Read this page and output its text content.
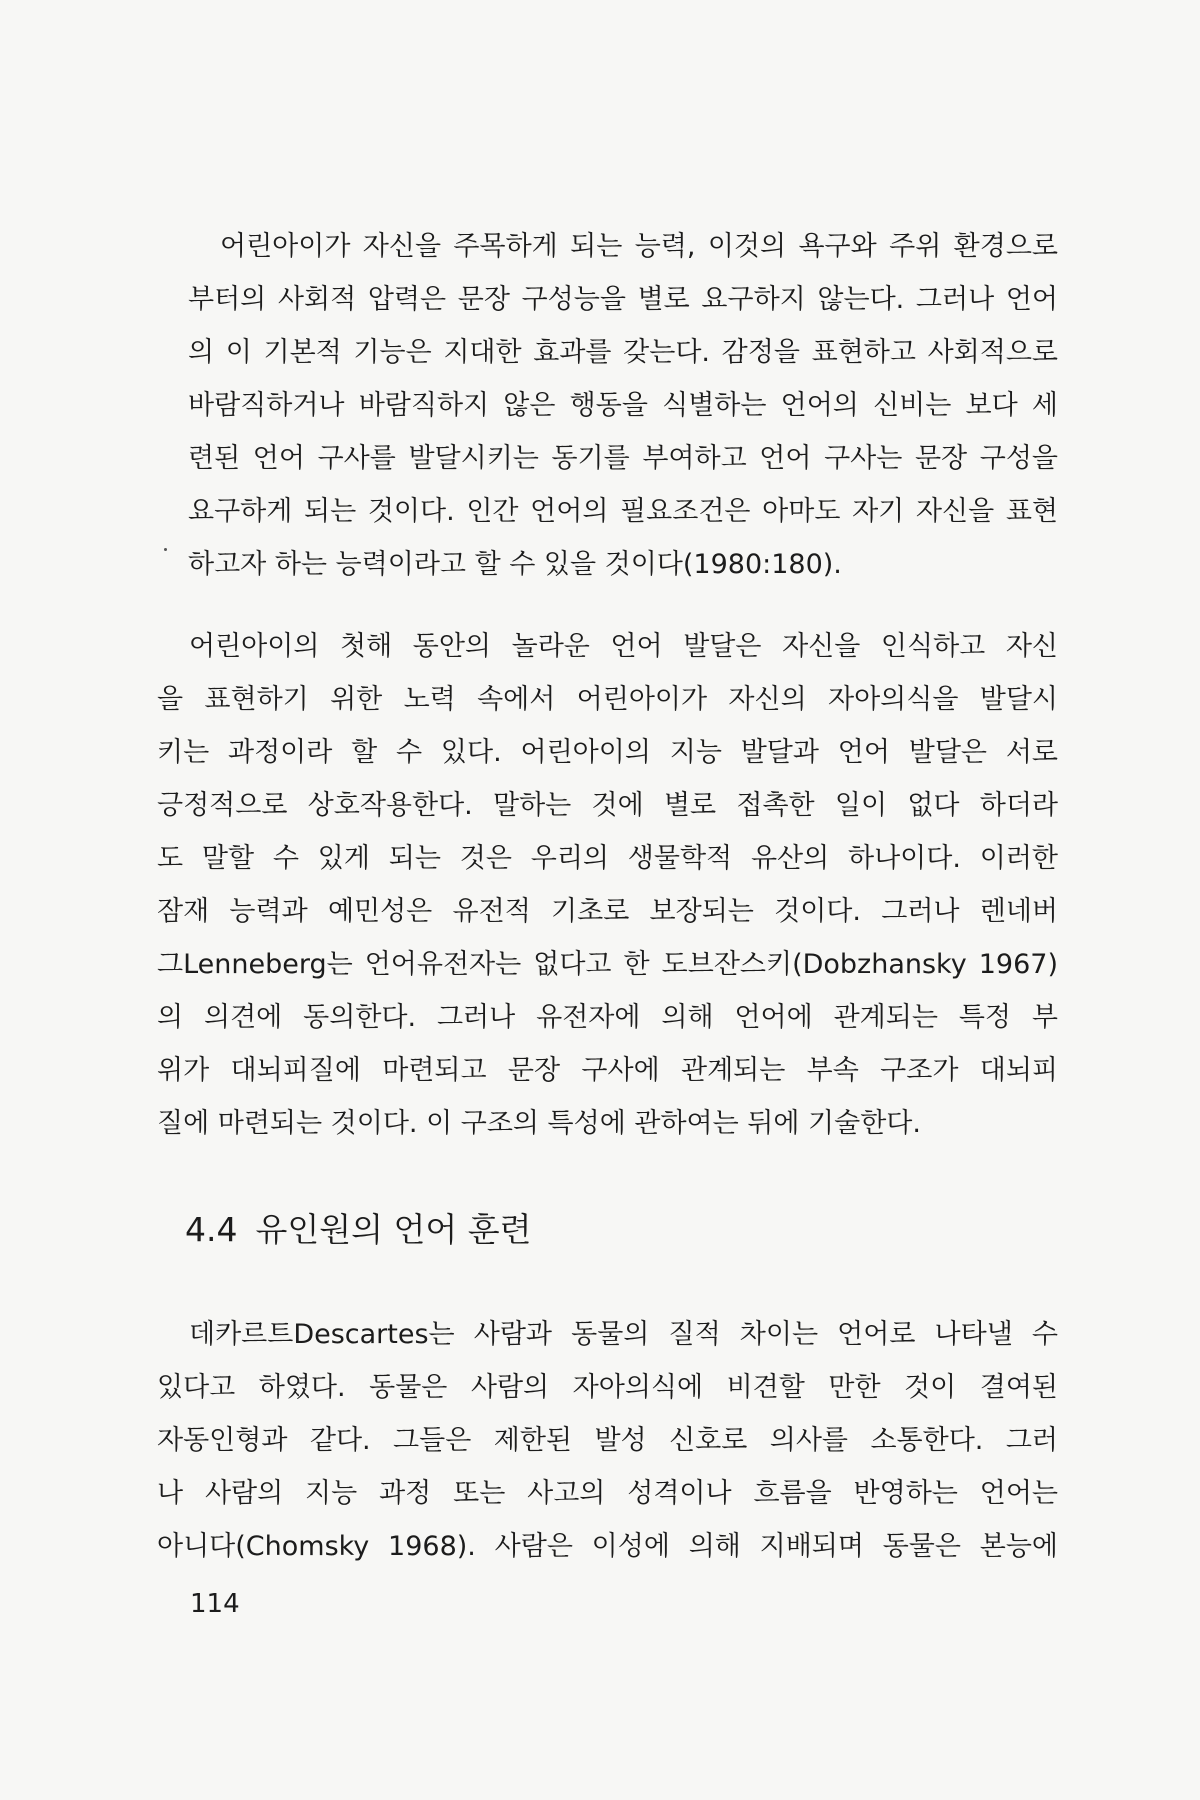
어린아이가 자신을 주목하게 되는 능력, 이것의 욕구와 주위 환경으로
부터의 사회적 압력은 문장 구성능을 별로 요구하지 않는다. 그러나 언어
의 이 기본적 기능은 지대한 효과를 갖는다. 감정을 표현하고 사회적으로
바람직하거나 바람직하지 않은 행동을 식별하는 언어의 신비는 보다 세
련된 언어 구사를 발달시키는 동기를 부여하고 언어 구사는 문장 구성을
요구하게 되는 것이다. 인간 언어의 필요조건은 아마도 자기 자신을 표현
하고자 하는 능력이라고 할 수 있을 것이다(1980:180).
어린아이의 첫해 동안의 놀라운 언어 발달은 자신을 인식하고 자신
을 표현하기 위한 노력 속에서 어린아이가 자신의 자아의식을 발달시
키는 과정이라 할 수 있다. 어린아이의 지능 발달과 언어 발달은 서로
긍정적으로 상호작용한다. 말하는 것에 별로 접촉한 일이 없다 하더라
도 말할 수 있게 되는 것은 우리의 생물학적 유산의 하나이다. 이러한
잠재 능력과 예민성은 유전적 기초로 보장되는 것이다. 그러나 렌네버
그Lenneberg는 언어유전자는 없다고 한 도브잔스키(Dobzhansky 1967)
의 의견에 동의한다. 그러나 유전자에 의해 언어에 관계되는 특정 부
위가 대뇌피질에 마련되고 문장 구사에 관계되는 부속 구조가 대뇌피
질에 마련되는 것이다. 이 구조의 특성에 관하여는 뒤에 기술한다.
4.4 유인원의 언어 훈련
데카르트Descartes는 사람과 동물의 질적 차이는 언어로 나타낼 수
있다고 하였다. 동물은 사람의 자아의식에 비견할 만한 것이 결여된
자동인형과 같다. 그들은 제한된 발성 신호로 의사를 소통한다. 그러
나 사람의 지능 과정 또는 사고의 성격이나 흐름을 반영하는 언어는
아니다(Chomsky 1968). 사람은 이성에 의해 지배되며 동물은 본능에
114
